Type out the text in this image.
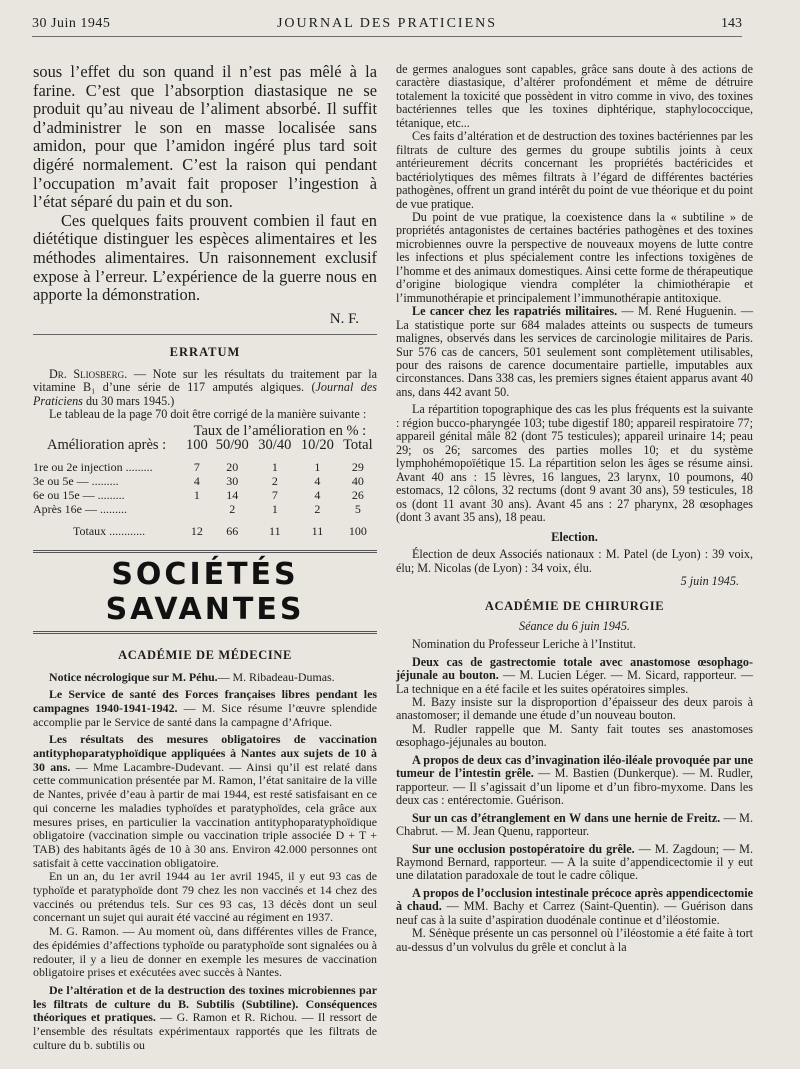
30 Juin 1945	JOURNAL DES PRATICIENS	143

sous l’effet du son quand il n’est pas mêlé à la farine. C’est que l’absorption diastasique ne se produit qu’au niveau de l’aliment absorbé. Il suffit d’administrer le son en masse localisée sans amidon, pour que l’amidon ingéré plus tard soit digéré normalement. C’est la raison qui pendant l’occupation m’avait fait proposer l’ingestion à l’état séparé du pain et du son.

Ces quelques faits prouvent combien il faut en diététique distinguer les espèces alimentaires et les méthodes alimentaires. Un raisonnement exclusif expose à l’erreur. L’expérience de la guerre nous en apporte la démonstration.

N. F.
ERRATUM

Dr. Sliosberg. — Note sur les résultats du traitement par la vitamine B₁ d’une série de 117 amputés algiques. (Journal des Praticiens du 30 mars 1945.)

Le tableau de la page 70 doit être corrigé de la manière suivante :

	Taux de l’amélioration en % :				
Amélioration après :	100	50/90	30/40	10/20	Total

1re ou 2e injection .........	7	20	1	1	29
3e ou 5e — .........	4	30	2	4	40
6e ou 15e — .........	1	14	7	4	26
Après 16e — .........		2	1	2	5

Totaux ............	12	66	11	11	100
SOCIÉTÉS SAVANTES
ACADÉMIE DE MÉDECINE

Notice nécrologique sur M. Péhu.— M. Ribadeau-Dumas.

Le Service de santé des Forces françaises libres pendant les campagnes 1940-1941-1942. — M. Sice résume l’œuvre splendide accomplie par le Service de santé dans la campagne d’Afrique.

Les résultats des mesures obligatoires de vaccination antityphoparatyphoïdique appliquées à Nantes aux sujets de 10 à 30 ans. — Mme Lacambre-Dudevant. — Ainsi qu’il est relaté dans cette communication présentée par M. Ramon, l’état sanitaire de la ville de Nantes, privée d’eau à partir de mai 1944, est resté satisfaisant en ce qui concerne les maladies typhoïdes et paratyphoïdes, cela grâce aux mesures prises, en particulier la vaccination antityphoparatyphoïdique obligatoire (vaccination simple ou vaccination triple associée D + T + TAB) des habitants âgés de 10 à 30 ans. Environ 42.000 personnes ont satisfait à cette vaccination obligatoire.

En un an, du 1er avril 1944 au 1er avril 1945, il y eut 93 cas de typhoïde et paratyphoïde dont 79 chez les non vaccinés et 14 chez des vaccinés ou prétendus tels. Sur ces 93 cas, 13 décès dont un seul concernant un sujet qui aurait été vacciné au régiment en 1937.

M. G. Ramon. — Au moment où, dans différentes villes de France, des épidémies d’affections typhoïde ou paratyphoïde sont signalées ou à redouter, il y a lieu de donner en exemple les mesures de vaccination obligatoire prises et exécutées avec succès à Nantes.

De l’altération et de la destruction des toxines microbiennes par les filtrats de culture du B. Subtilis (Subtiline). Conséquences théoriques et pratiques. — G. Ramon et R. Richou. — Il ressort de l’ensemble des résultats expérimentaux rapportés que les filtrats de culture du b. subtilis ou

de germes analogues sont capables, grâce sans doute à des actions de caractère diastasique, d’altérer profondément et même de détruire totalement la toxicité que possèdent in vitro comme in vivo, des toxines bactériennes telles que les toxines diphtérique, staphylococcique, tétanique, etc...

Ces faits d’altération et de destruction des toxines bactériennes par les filtrats de culture des germes du groupe subtilis joints à ceux antérieurement décrits concernant les propriétés bactéricides et bactériolytiques des mêmes filtrats à l’égard de différentes bactéries pathogènes, offrent un grand intérêt du point de vue théorique et du point de vue pratique.

Du point de vue pratique, la coexistence dans la « subtiline » de propriétés antagonistes de certaines bactéries pathogènes et des toxines microbiennes ouvre la perspective de nouveaux moyens de lutte contre les infections et plus spécialement contre les infections toxigènes de l’homme et des animaux domestiques. Ainsi cette forme de thérapeutique d’origine biologique viendra compléter la chimiothérapie et l’immunothérapie et principalement l’immunothérapie antitoxique.

Le cancer chez les rapatriés militaires. — M. René Huguenin. — La statistique porte sur 684 malades atteints ou suspects de tumeurs malignes, observés dans les services de carcinologie militaires de Paris. Sur 576 cas de cancers, 501 seulement sont complètement utilisables, pour des raisons de carence documentaire partielle, imputables aux circonstances. Dans 338 cas, les premiers signes étaient apparus avant 40 ans, dans 442 avant 50.

La répartition topographique des cas les plus fréquents est la suivante : région bucco-pharyngée 103; tube digestif 180; appareil respiratoire 77; appareil génital mâle 82 (dont 75 testicules); appareil urinaire 14; peau 29; os 26; sarcomes des parties molles 10; et du système lymphohémopoïétique 15. La répartition selon les âges se résume ainsi. Avant 40 ans : 15 lèvres, 16 langues, 23 larynx, 10 poumons, 40 estomacs, 12 côlons, 32 rectums (dont 9 avant 30 ans), 59 testicules, 18 os (dont 11 avant 30 ans). Avant 45 ans : 27 pharynx, 28 œsophages (dont 3 avant 35 ans), 18 peau.

Election.

Élection de deux Associés nationaux : M. Patel (de Lyon) : 39 voix, élu; M. Nicolas (de Lyon) : 34 voix, élu.

5 juin 1945.

ACADÉMIE DE CHIRURGIE

Séance du 6 juin 1945.

Nomination du Professeur Leriche à l’Institut.

Deux cas de gastrectomie totale avec anastomose œsophago-jéjunale au bouton. — M. Lucien Léger. — M. Sicard, rapporteur. — La technique en a été facile et les suites opératoires simples.

M. Bazy insiste sur la disproportion d’épaisseur des deux parois à anastomoser; il demande une étude d’un nouveau bouton.

M. Rudler rappelle que M. Santy fait toutes ses anastomoses œsophago-jéjunales au bouton.

A propos de deux cas d’invagination iléo-iléale provoquée par une tumeur de l’intestin grêle. — M. Bastien (Dunkerque). — M. Rudler, rapporteur. — Il s’agissait d’un lipome et d’un fibro-myxome. Dans les deux cas : entérectomie. Guérison.

Sur un cas d’étranglement en W dans une hernie de Freitz. — M. Chabrut. — M. Jean Quenu, rapporteur.

Sur une occlusion postopératoire du grêle. — M. Zagdoun; — M. Raymond Bernard, rapporteur. — A la suite d’appendicectomie il y eut une dilatation paradoxale de tout le cadre côlique.

A propos de l’occlusion intestinale précoce après appendicectomie à chaud. — MM. Bachy et Carrez (Saint-Quentin). — Guérison dans neuf cas à la suite d’aspiration duodénale continue et d’iléostomie.

M. Sénèque présente un cas personnel où l’iléostomie a été faite à tort au-dessus d’un volvulus du grêle et conclut à la
